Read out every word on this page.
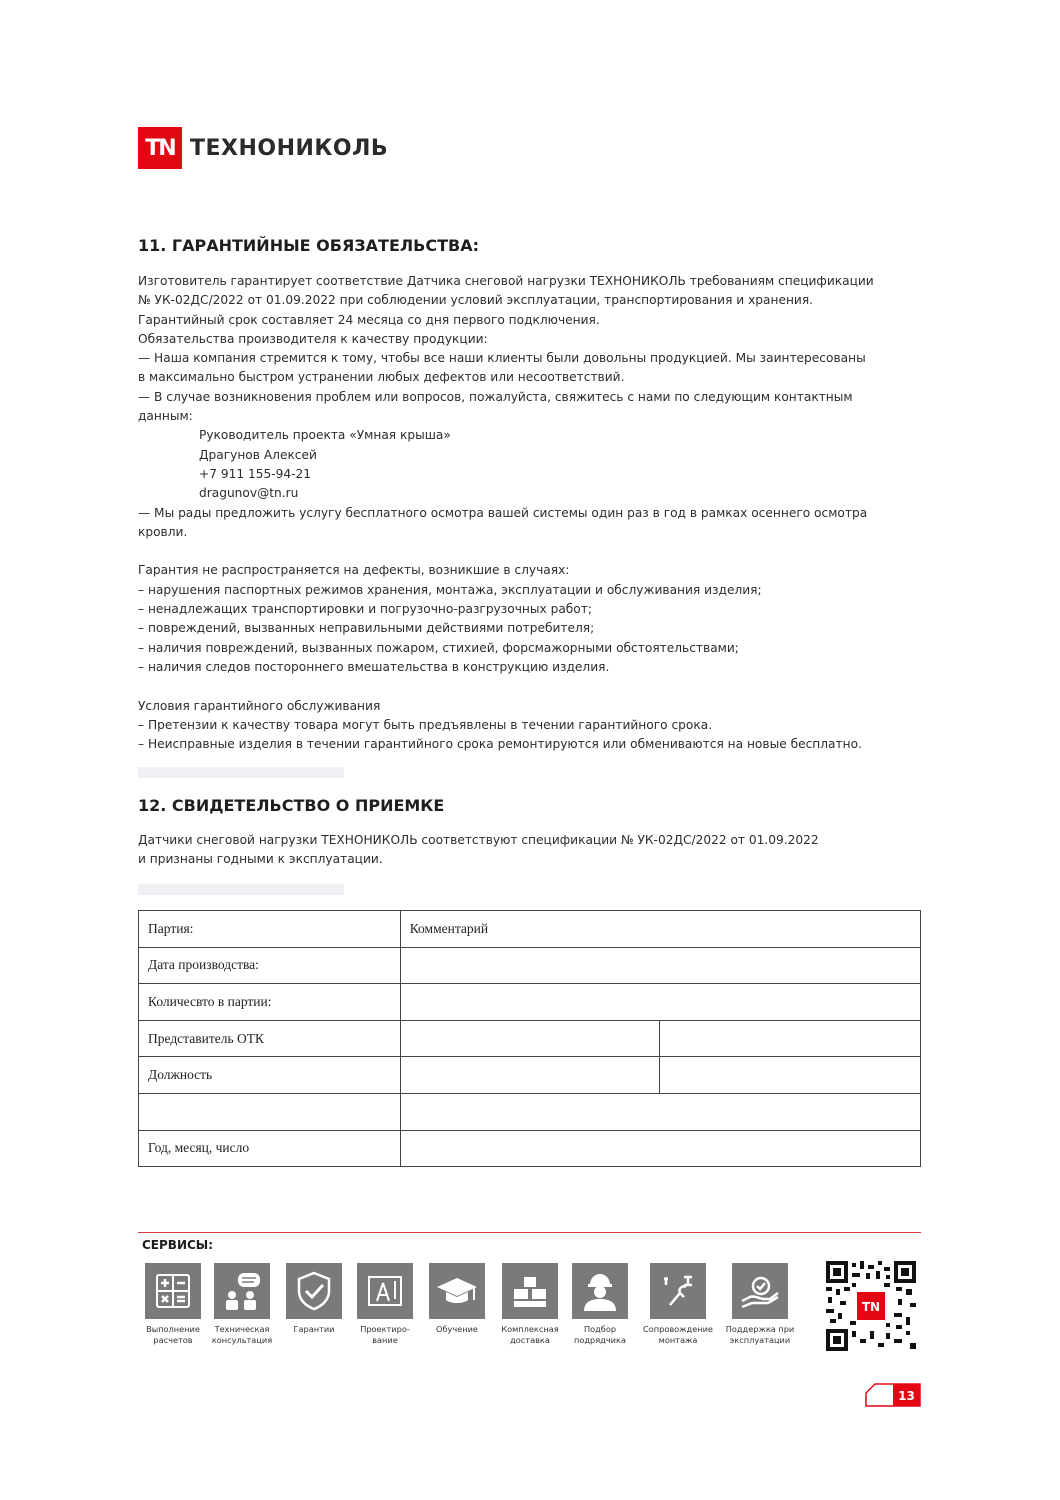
TN ТЕХНОНИКОЛЬ
11. ГАРАНТИЙНЫЕ ОБЯЗАТЕЛЬСТВА:
Изготовитель гарантирует соответствие Датчика снеговой нагрузки ТЕХНОНИКОЛЬ требованиям спецификации
№ УК-02ДС/2022 от 01.09.2022 при соблюдении условий эксплуатации, транспортирования и хранения.
Гарантийный срок составляет 24 месяца со дня первого подключения.
Обязательства производителя к качеству продукции:
— Наша компания стремится к тому, чтобы все наши клиенты были довольны продукцией. Мы заинтересованы
в максимально быстром устранении любых дефектов или несоответствий.
— В случае возникновения проблем или вопросов, пожалуйста, свяжитесь с нами по следующим контактным
данным:
Руководитель проекта «Умная крыша»
Драгунов Алексей
+7 911 155-94-21
dragunov@tn.ru
— Мы рады предложить услугу бесплатного осмотра вашей системы один раз в год в рамках осеннего осмотра
кровли.
Гарантия не распространяется на дефекты, возникшие в случаях:
– нарушения паспортных режимов хранения, монтажа, эксплуатации и обслуживания изделия;
– ненадлежащих транспортировки и погрузочно-разгрузочных работ;
– повреждений, вызванных неправильными действиями потребителя;
– наличия повреждений, вызванных пожаром, стихией, форсмажорными обстоятельствами;
– наличия следов постороннего вмешательства в конструкцию изделия.
Условия гарантийного обслуживания
– Претензии к качеству товара могут быть предъявлены в течении гарантийного срока.
– Неисправные изделия в течении гарантийного срока ремонтируются или обмениваются на новые бесплатно.
12. СВИДЕТЕЛЬСТВО О ПРИЕМКЕ
Датчики снеговой нагрузки ТЕХНОНИКОЛЬ соответствуют спецификации № УК-02ДС/2022 от 01.09.2022
и признаны годными к эксплуатации.
Партия:	Комментарий	
Дата производства:		
Количесвто в партии:		
Представитель ОТК		
Должность		

Год, месяц, число		
СЕРВИСЫ:
Выполнение
расчетов
Техническая
консультация
Гарантии	Проектиро-
вание
Обучение	Комплексная
доставка
Подбор
подрядчика
Сопровождение
монтажа
Поддержка при
эксплуатации
TN
13
